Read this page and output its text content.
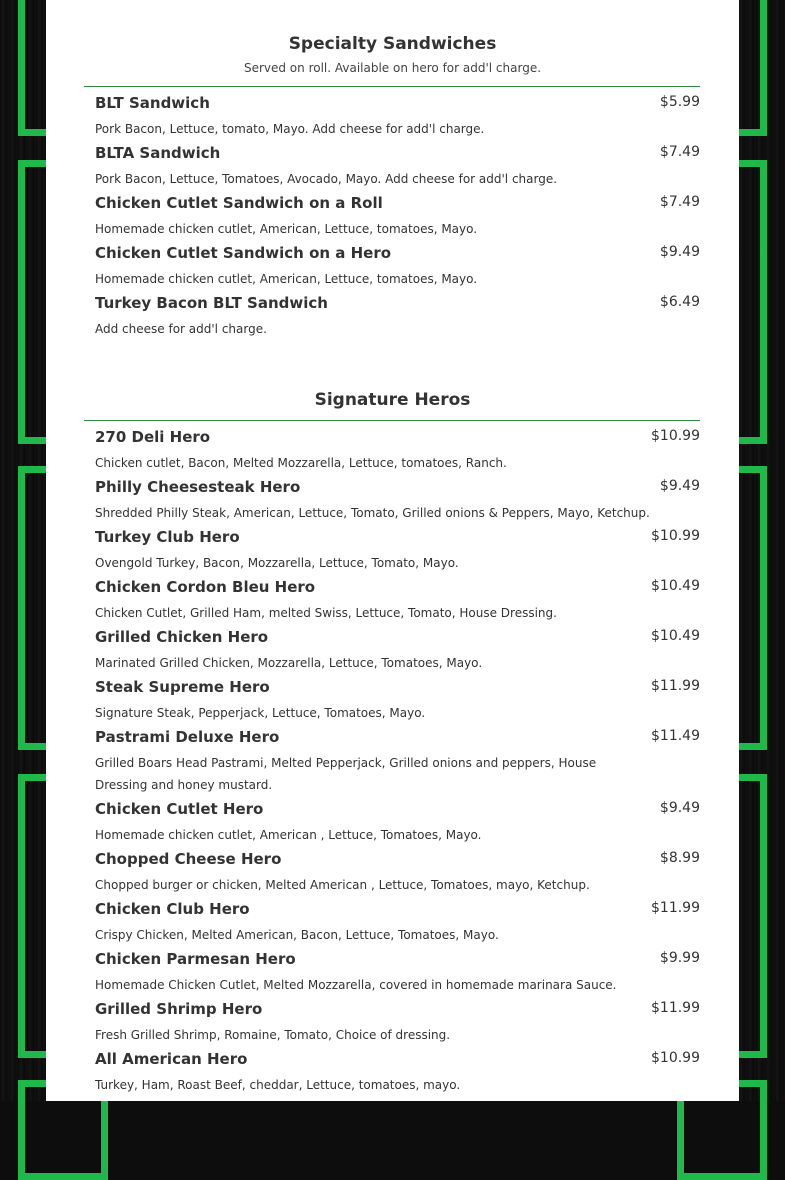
Specialty Sandwiches
Served on roll. Available on hero for add'l charge.
BLT Sandwich	$5.99
Pork Bacon, Lettuce, tomato, Mayo. Add cheese for add'l charge.
BLTA Sandwich	$7.49
Pork Bacon, Lettuce, Tomatoes, Avocado, Mayo. Add cheese for add'l charge.
Chicken Cutlet Sandwich on a Roll	$7.49
Homemade chicken cutlet, American, Lettuce, tomatoes, Mayo.
Chicken Cutlet Sandwich on a Hero	$9.49
Homemade chicken cutlet, American, Lettuce, tomatoes, Mayo.
Turkey Bacon BLT Sandwich	$6.49
Add cheese for add'l charge.
Signature Heros
270 Deli Hero	$10.99
Chicken cutlet, Bacon, Melted Mozzarella, Lettuce, tomatoes, Ranch.
Philly Cheesesteak Hero	$9.49
Shredded Philly Steak, American, Lettuce, Tomato, Grilled onions & Peppers, Mayo, Ketchup.
Turkey Club Hero	$10.99
Ovengold Turkey, Bacon, Mozzarella, Lettuce, Tomato, Mayo.
Chicken Cordon Bleu Hero	$10.49
Chicken Cutlet, Grilled Ham, melted Swiss, Lettuce, Tomato, House Dressing.
Grilled Chicken Hero	$10.49
Marinated Grilled Chicken, Mozzarella, Lettuce, Tomatoes, Mayo.
Steak Supreme Hero	$11.99
Signature Steak, Pepperjack, Lettuce, Tomatoes, Mayo.
Pastrami Deluxe Hero	$11.49
Grilled Boars Head Pastrami, Melted Pepperjack, Grilled onions and peppers, House Dressing and honey mustard.
Chicken Cutlet Hero	$9.49
Homemade chicken cutlet, American , Lettuce, Tomatoes, Mayo.
Chopped Cheese Hero	$8.99
Chopped burger or chicken, Melted American , Lettuce, Tomatoes, mayo, Ketchup.
Chicken Club Hero	$11.99
Crispy Chicken, Melted American, Bacon, Lettuce, Tomatoes, Mayo.
Chicken Parmesan Hero	$9.99
Homemade Chicken Cutlet, Melted Mozzarella, covered in homemade marinara Sauce.
Grilled Shrimp Hero	$11.99
Fresh Grilled Shrimp, Romaine, Tomato, Choice of dressing.
All American Hero	$10.99
Turkey, Ham, Roast Beef, cheddar, Lettuce, tomatoes, mayo.
